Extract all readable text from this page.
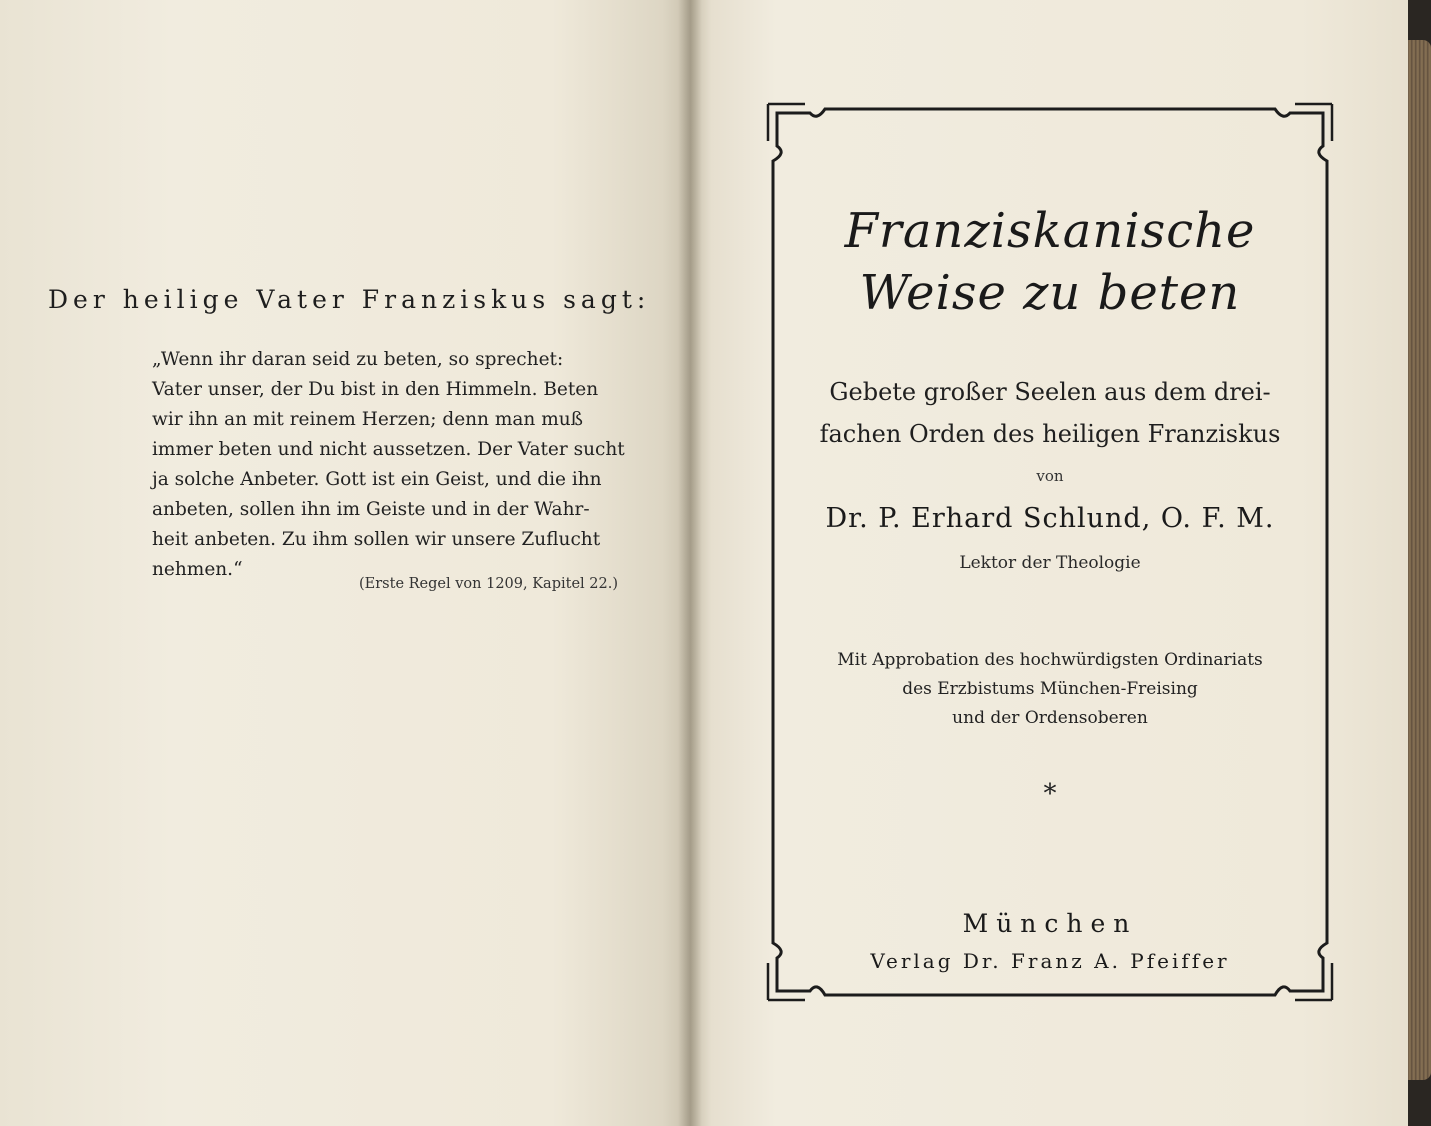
Der heilige Vater Franziskus sagt:
„Wenn ihr daran seid zu beten, so sprechet:
Vater unser, der Du bist in den Himmeln. Beten
wir ihn an mit reinem Herzen; denn man muß
immer beten und nicht aussetzen. Der Vater sucht
ja solche Anbeter. Gott ist ein Geist, und die ihn
anbeten, sollen ihn im Geiste und in der Wahr-
heit anbeten. Zu ihm sollen wir unsere Zuflucht
nehmen.“
(Erste Regel von 1209, Kapitel 22.)
Franziskanische
Weise zu beten
Gebete großer Seelen aus dem drei-
fachen Orden des heiligen Franziskus
von
Dr. P. Erhard Schlund, O. F. M.
Lektor der Theologie
Mit Approbation des hochwürdigsten Ordinariats
des Erzbistums München-Freising
und der Ordensoberen
*
München
Verlag Dr. Franz A. Pfeiffer
